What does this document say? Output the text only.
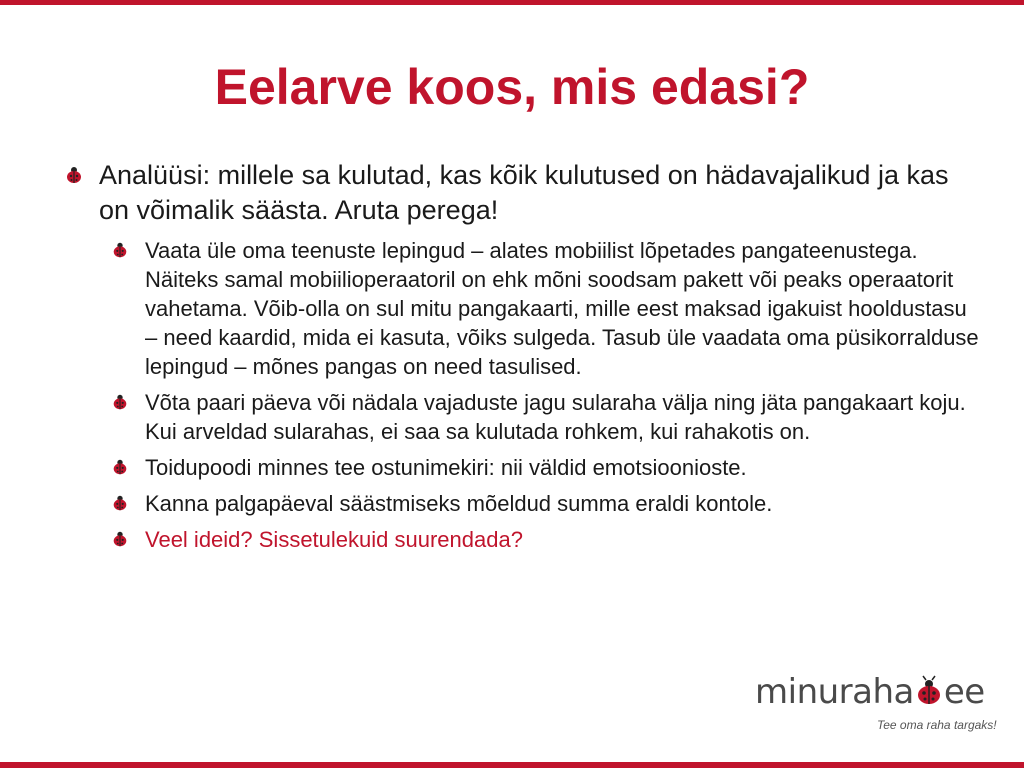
Eelarve koos, mis edasi?
Analüüsi: millele sa kulutad, kas kõik kulutused on hädavajalikud ja kas on võimalik säästa. Aruta perega!
Vaata üle oma teenuste lepingud – alates mobiilist lõpetades pangateenustega. Näiteks samal mobiilioperaatoril on ehk mõni soodsam pakett või peaks operaatorit vahetama. Võib-olla on sul mitu pangakaarti, mille eest maksad igakuist hooldustasu – need kaardid, mida ei kasuta, võiks sulgeda. Tasub üle vaadata oma püsikorralduse lepingud – mõnes pangas on need tasulised.
Võta paari päeva või nädala vajaduste jagu sularaha välja ning jäta pangakaart koju. Kui arveldad sularahas, ei saa sa kulutada rohkem, kui rahakotis on.
Toidupoodi minnes tee ostunimekiri: nii väldid emotsioonioste.
Kanna palgapäeval säästmiseks mõeldud summa eraldi kontole.
Veel ideid? Sissetulekuid suurendada?
minuraha ee
Tee oma raha targaks!
